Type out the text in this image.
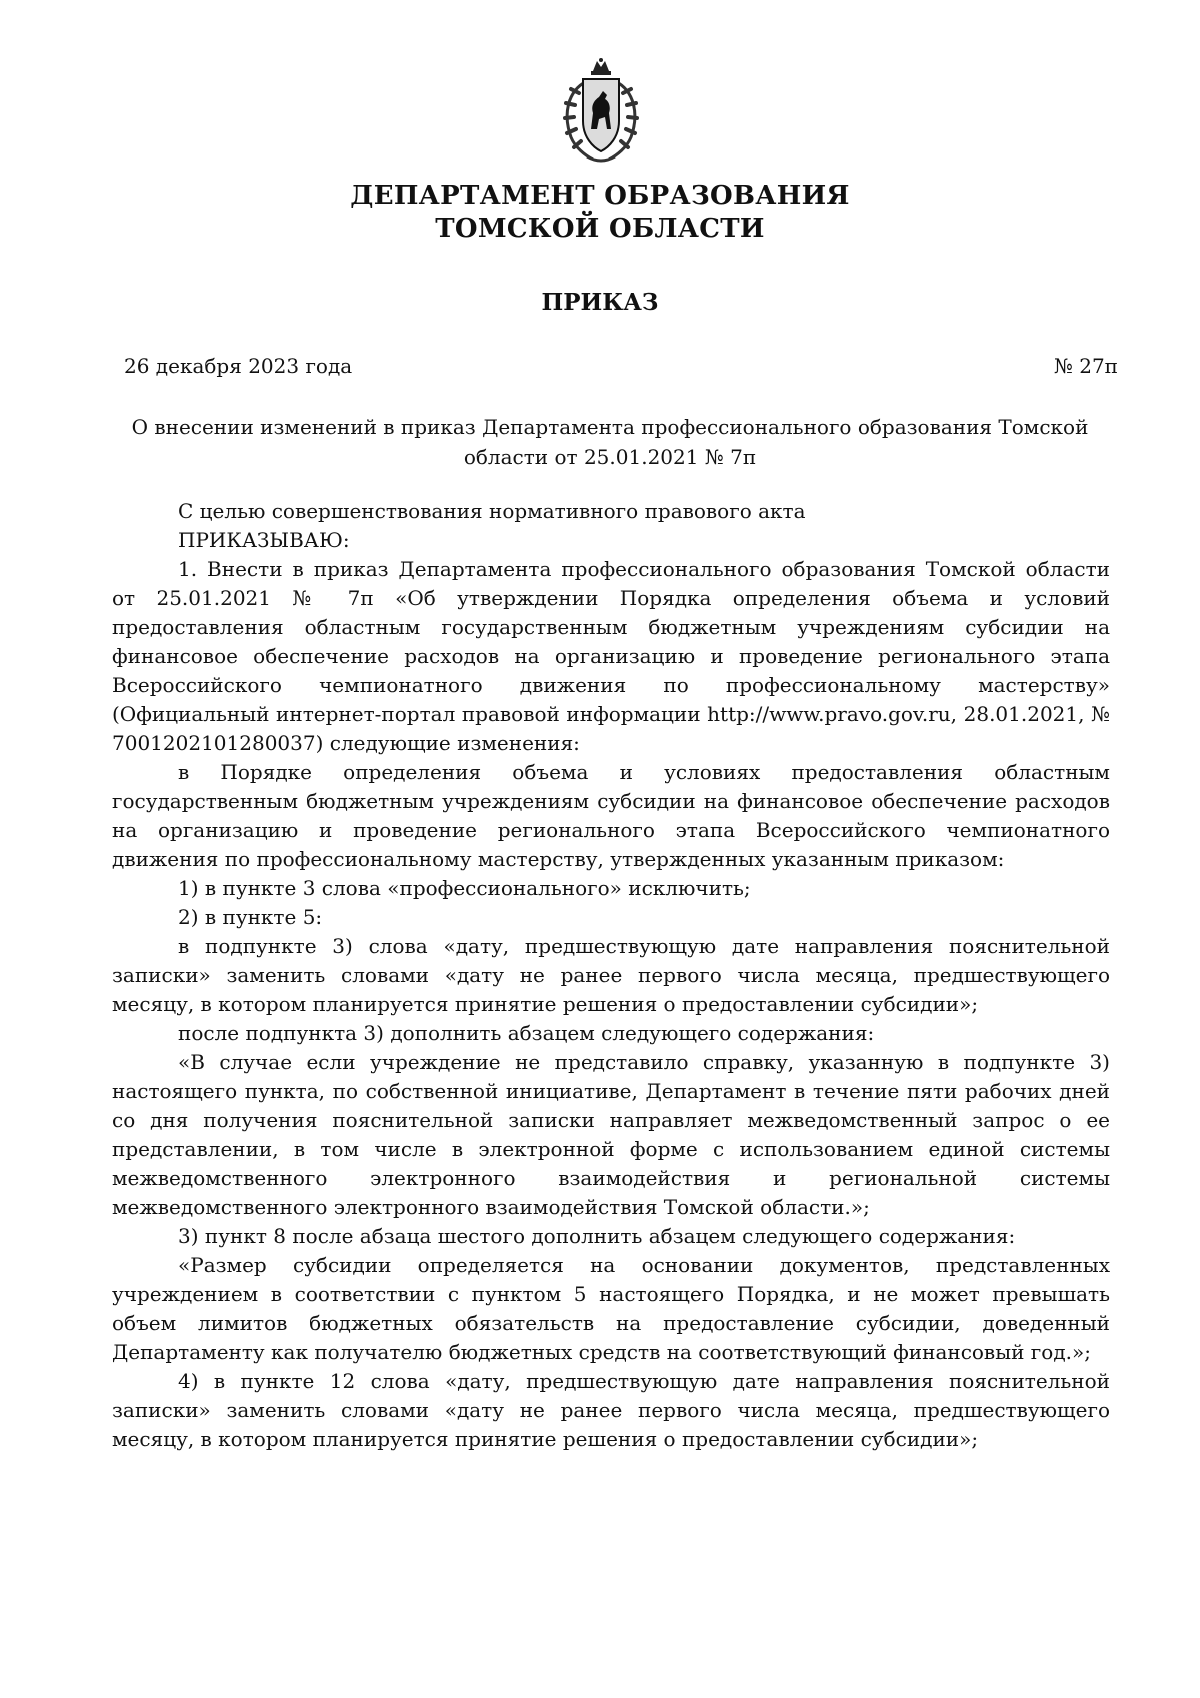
ДЕПАРТАМЕНТ ОБРАЗОВАНИЯ
ТОМСКОЙ ОБЛАСТИ
ПРИКАЗ
26 декабря 2023 года	№ 27п
О внесении изменений в приказ Департамента профессионального образования Томской
области от 25.01.2021 № 7п

С целью совершенствования нормативного правового акта

ПРИКАЗЫВАЮ:

1. Внести в приказ Департамента профессионального образования Томской области от 25.01.2021 № 7п «Об утверждении Порядка определения объема и условий предоставления областным государственным бюджетным учреждениям субсидии на финансовое обеспечение расходов на организацию и проведение регионального этапа Всероссийского чемпионатного движения по профессиональному мастерству» (Официальный интернет-портал правовой информации http://www.pravo.gov.ru, 28.01.2021, № 7001202101280037) следующие изменения:

в Порядке определения объема и условиях предоставления областным государственным бюджетным учреждениям субсидии на финансовое обеспечение расходов на организацию и проведение регионального этапа Всероссийского чемпионатного движения по профессиональному мастерству, утвержденных указанным приказом:

1) в пункте 3 слова «профессионального» исключить;

2) в пункте 5:

в подпункте 3) слова «дату, предшествующую дате направления пояснительной записки» заменить словами «дату не ранее первого числа месяца, предшествующего месяцу, в котором планируется принятие решения о предоставлении субсидии»;

после подпункта 3) дополнить абзацем следующего содержания:

«В случае если учреждение не представило справку, указанную в подпункте 3) настоящего пункта, по собственной инициативе, Департамент в течение пяти рабочих дней со дня получения пояснительной записки направляет межведомственный запрос о ее представлении, в том числе в электронной форме с использованием единой системы межведомственного электронного взаимодействия и региональной системы межведомственного электронного взаимодействия Томской области.»;

3) пункт 8 после абзаца шестого дополнить абзацем следующего содержания:

«Размер субсидии определяется на основании документов, представленных учреждением в соответствии с пунктом 5 настоящего Порядка, и не может превышать объем лимитов бюджетных обязательств на предоставление субсидии, доведенный Департаменту как получателю бюджетных средств на соответствующий финансовый год.»;

4) в пункте 12 слова «дату, предшествующую дате направления пояснительной записки» заменить словами «дату не ранее первого числа месяца, предшествующего месяцу, в котором планируется принятие решения о предоставлении субсидии»;
